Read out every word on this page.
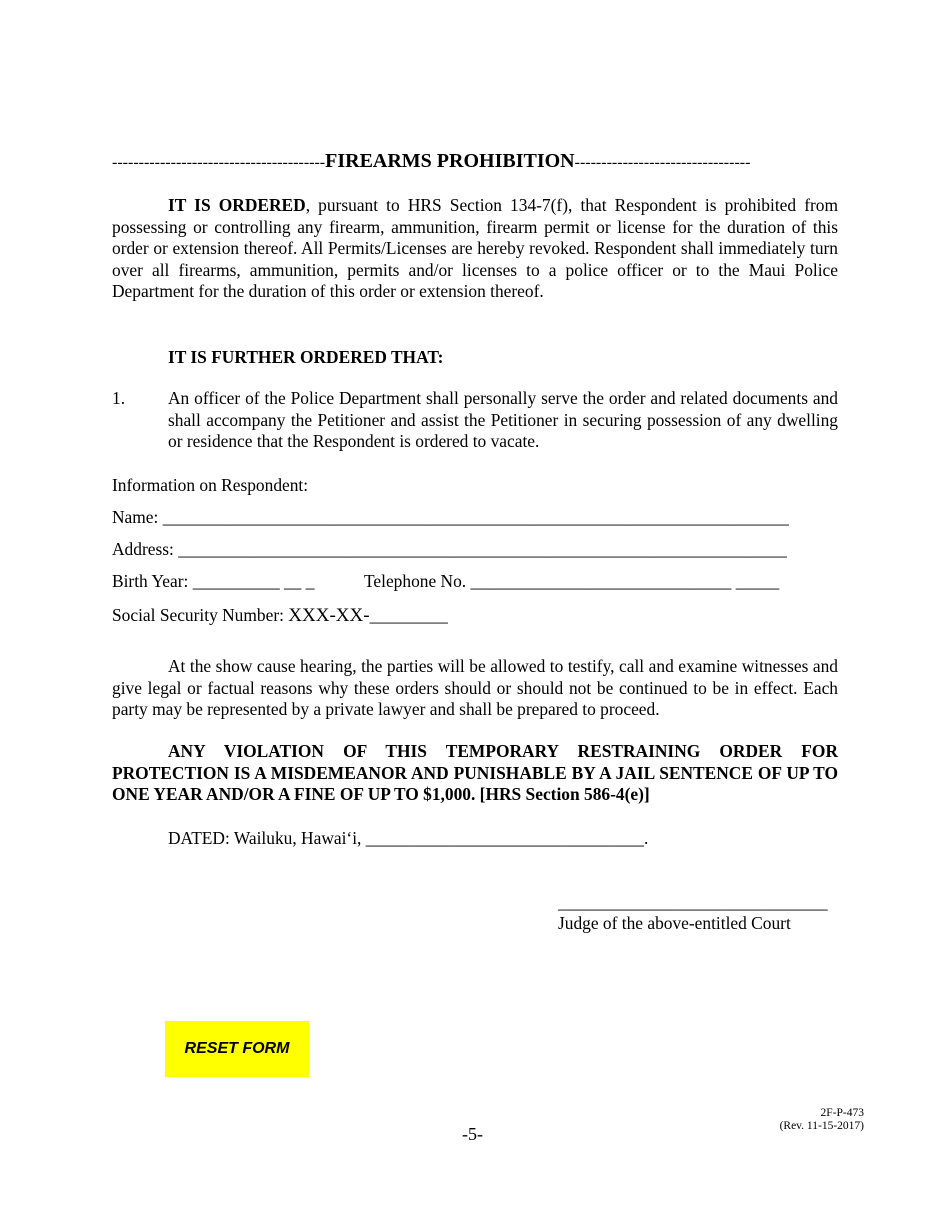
----------------------------------------FIREARMS PROHIBITION---------------------------------

IT IS ORDERED, pursuant to HRS Section 134-7(f), that Respondent is prohibited from possessing or controlling any firearm, ammunition, firearm permit or license for the duration of this order or extension thereof. All Permits/Licenses are hereby revoked. Respondent shall immediately turn over all firearms, ammunition, permits and/or licenses to a police officer or to the Maui Police Department for the duration of this order or extension thereof.

IT IS FURTHER ORDERED THAT:
1. An officer of the Police Department shall personally serve the order and related documents and shall accompany the Petitioner and assist the Petitioner in securing possession of any dwelling or residence that the Respondent is ordered to vacate.
Information on Respondent:
Name: ________________________________________________________________________
Address: ______________________________________________________________________
Birth Year: __________ __ _	Telephone No. ______________________________ _____
Social Security Number: XXX-XX-_________

At the show cause hearing, the parties will be allowed to testify, call and examine witnesses and give legal or factual reasons why these orders should or should not be continued to be in effect. Each party may be represented by a private lawyer and shall be prepared to proceed.

ANY VIOLATION OF THIS TEMPORARY RESTRAINING ORDER FOR PROTECTION IS A MISDEMEANOR AND PUNISHABLE BY A JAIL SENTENCE OF UP TO ONE YEAR AND/OR A FINE OF UP TO $1,000. [HRS Section 586-4(e)]

DATED: Wailuku, Hawai‘i, ________________________________.
_______________________________
Judge of the above-entitled Court
RESET FORM
2F-P-473
(Rev. 11-15-2017)
-5-
